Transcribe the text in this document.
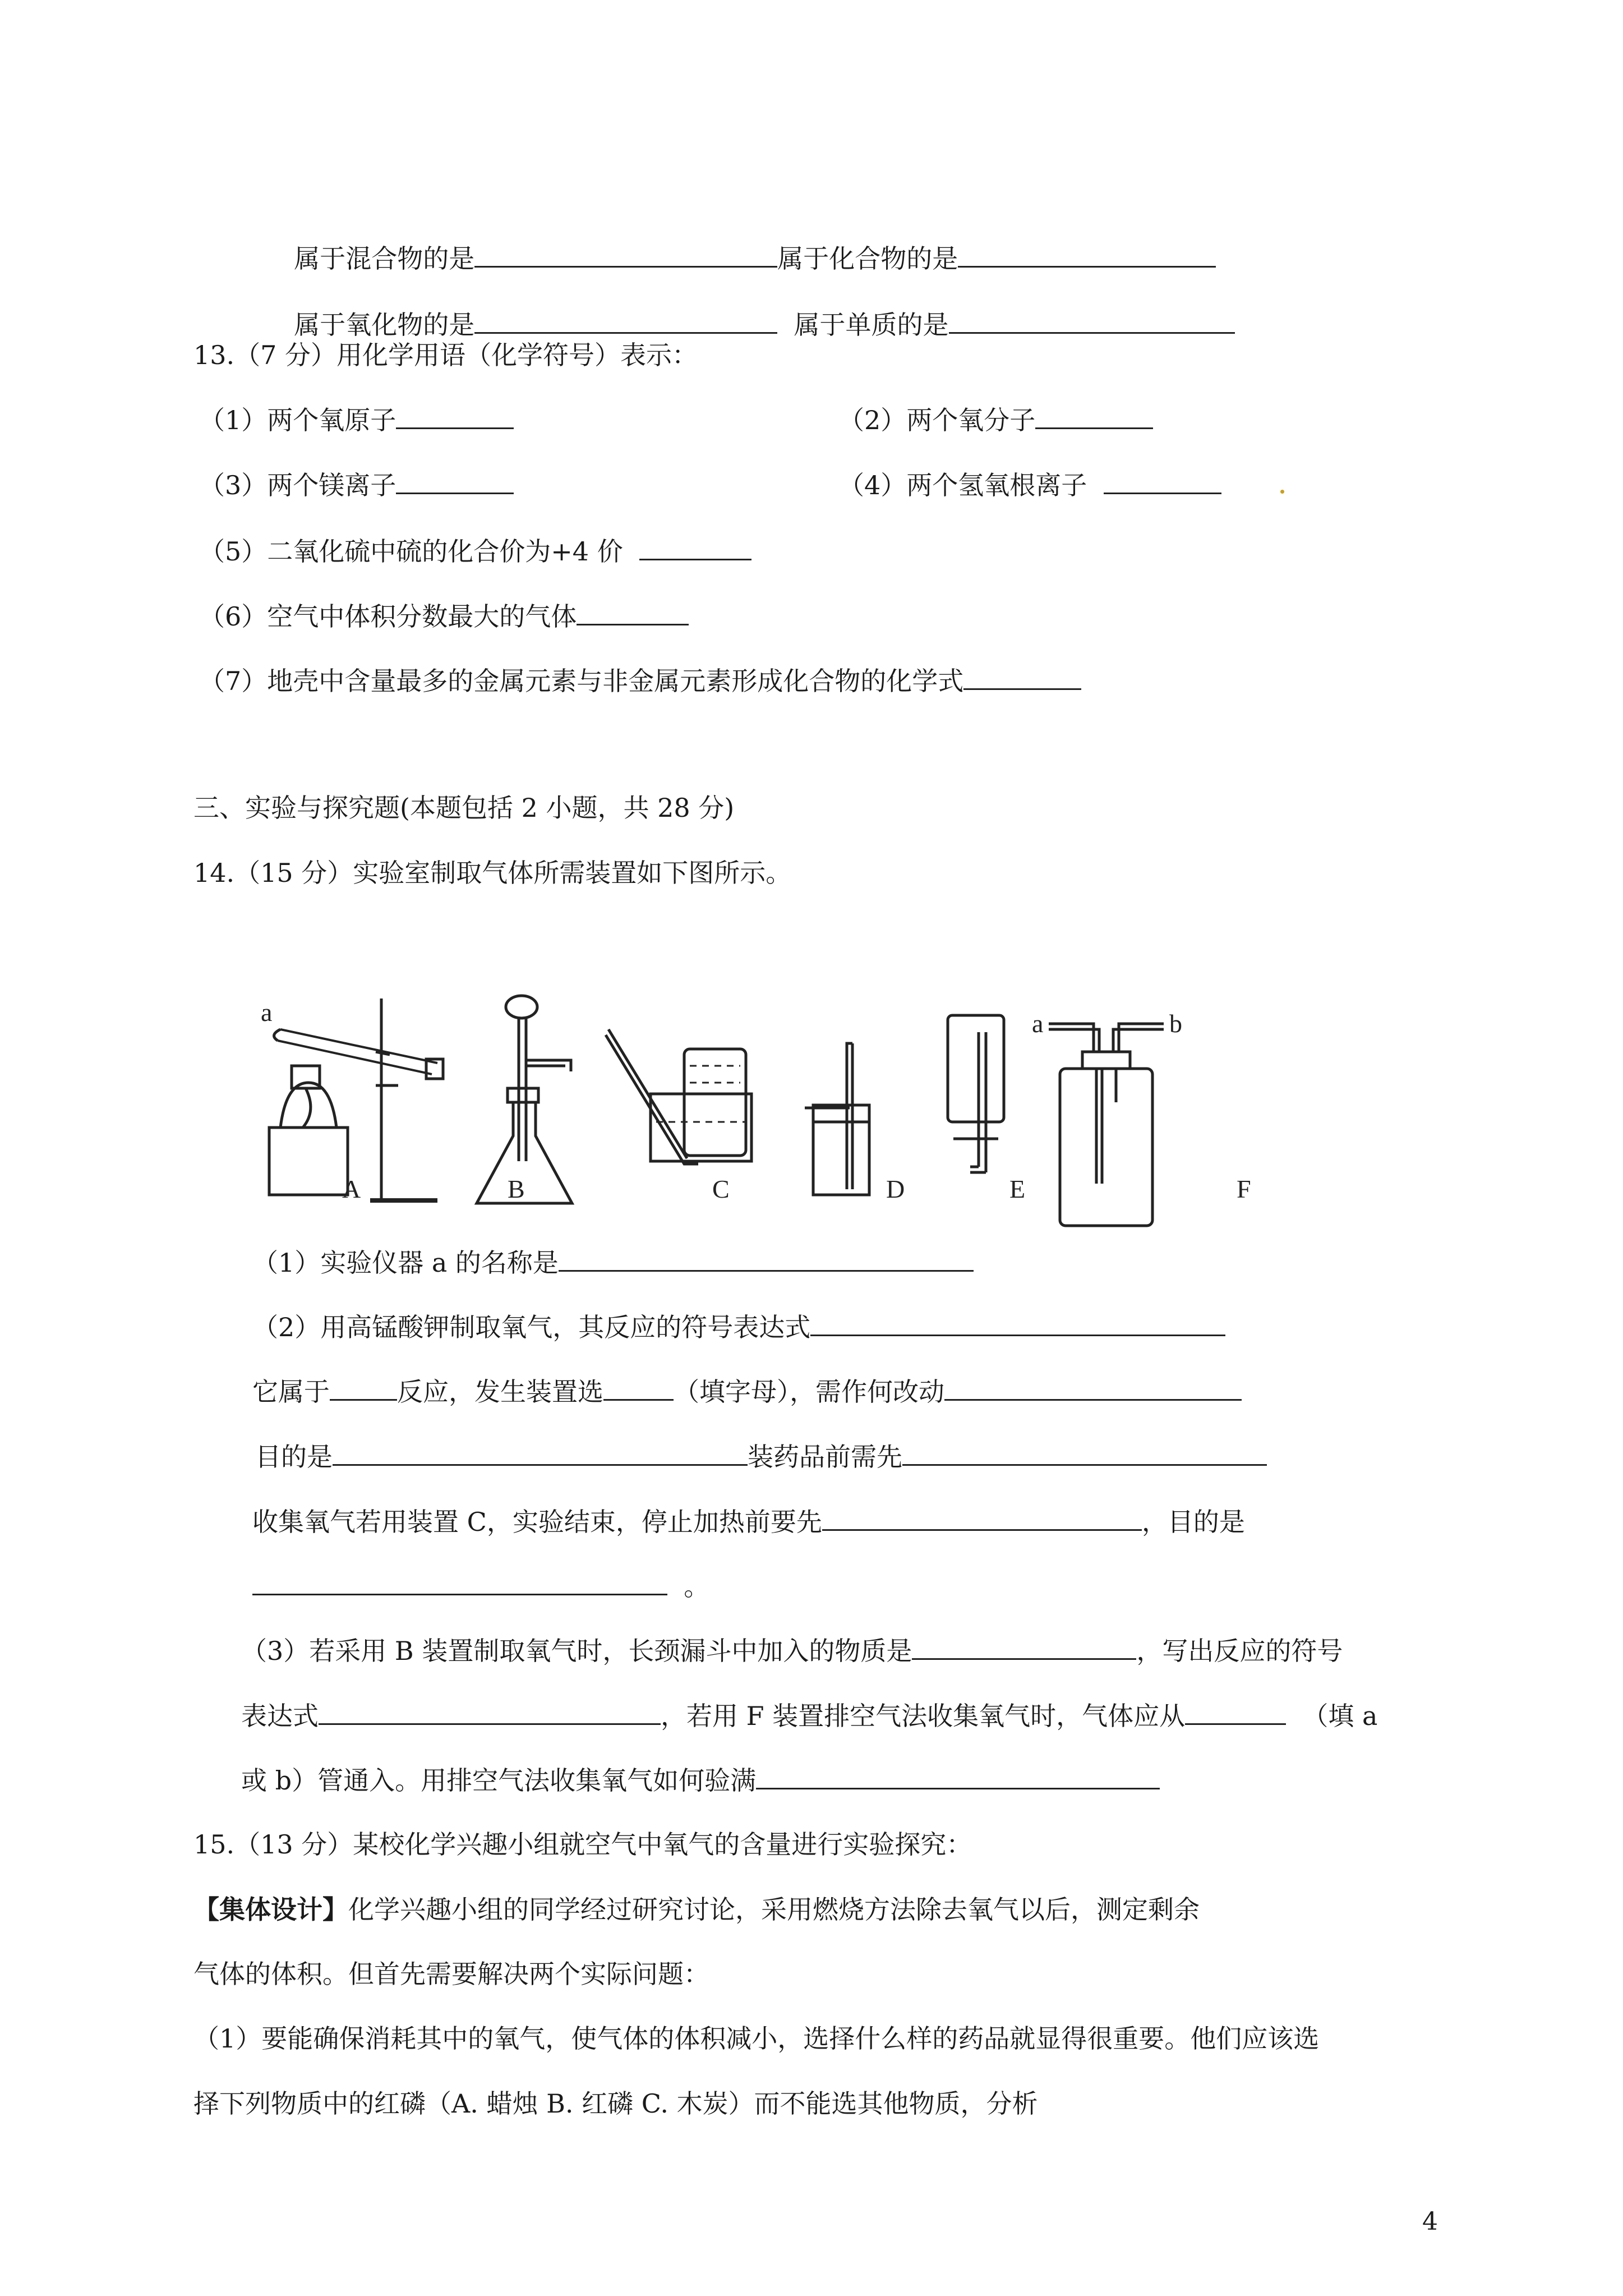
属于混合物的是	属于化合物的是

属于氧化物的是	属于单质的是

13.（7 分）用化学用语（化学符号）表示：
（1）两个氧原子	（2）两个氧分子
（3）两个镁离子	（4）两个氢氧根离子
（5）二氧化硫中硫的化合价为+4 价
（6）空气中体积分数最大的气体
（7）地壳中含量最多的金属元素与非金属元素形成化合物的化学式
三、实验与探究题(本题包括 2 小题，共 28 分)
14.（15 分）实验室制取气体所需装置如下图所示。
a
A	B	C	D	E
a	b
F
（1）实验仪器 a 的名称是
（2）用高锰酸钾制取氧气，其反应的符号表达式
它属于	反应，发生装置选	（填字母），需作何改动
目的是	装药品前需先
收集氧气若用装置 C，实验结束，停止加热前要先	，目的是
。
（3）若采用 B 装置制取氧气时，长颈漏斗中加入的物质是	，写出反应的符号
表达式	，若用 F 装置排空气法收集氧气时，气体应从	（填 a
或 b）管通入。用排空气法收集氧气如何验满
15.（13 分）某校化学兴趣小组就空气中氧气的含量进行实验探究：
【集体设计】化学兴趣小组的同学经过研究讨论，采用燃烧方法除去氧气以后，测定剩余
气体的体积。但首先需要解决两个实际问题：
（1）要能确保消耗其中的氧气，使气体的体积减小，选择什么样的药品就显得很重要。他们应该选
择下列物质中的红磷（A. 蜡烛 B. 红磷 C. 木炭）而不能选其他物质，分析
4
